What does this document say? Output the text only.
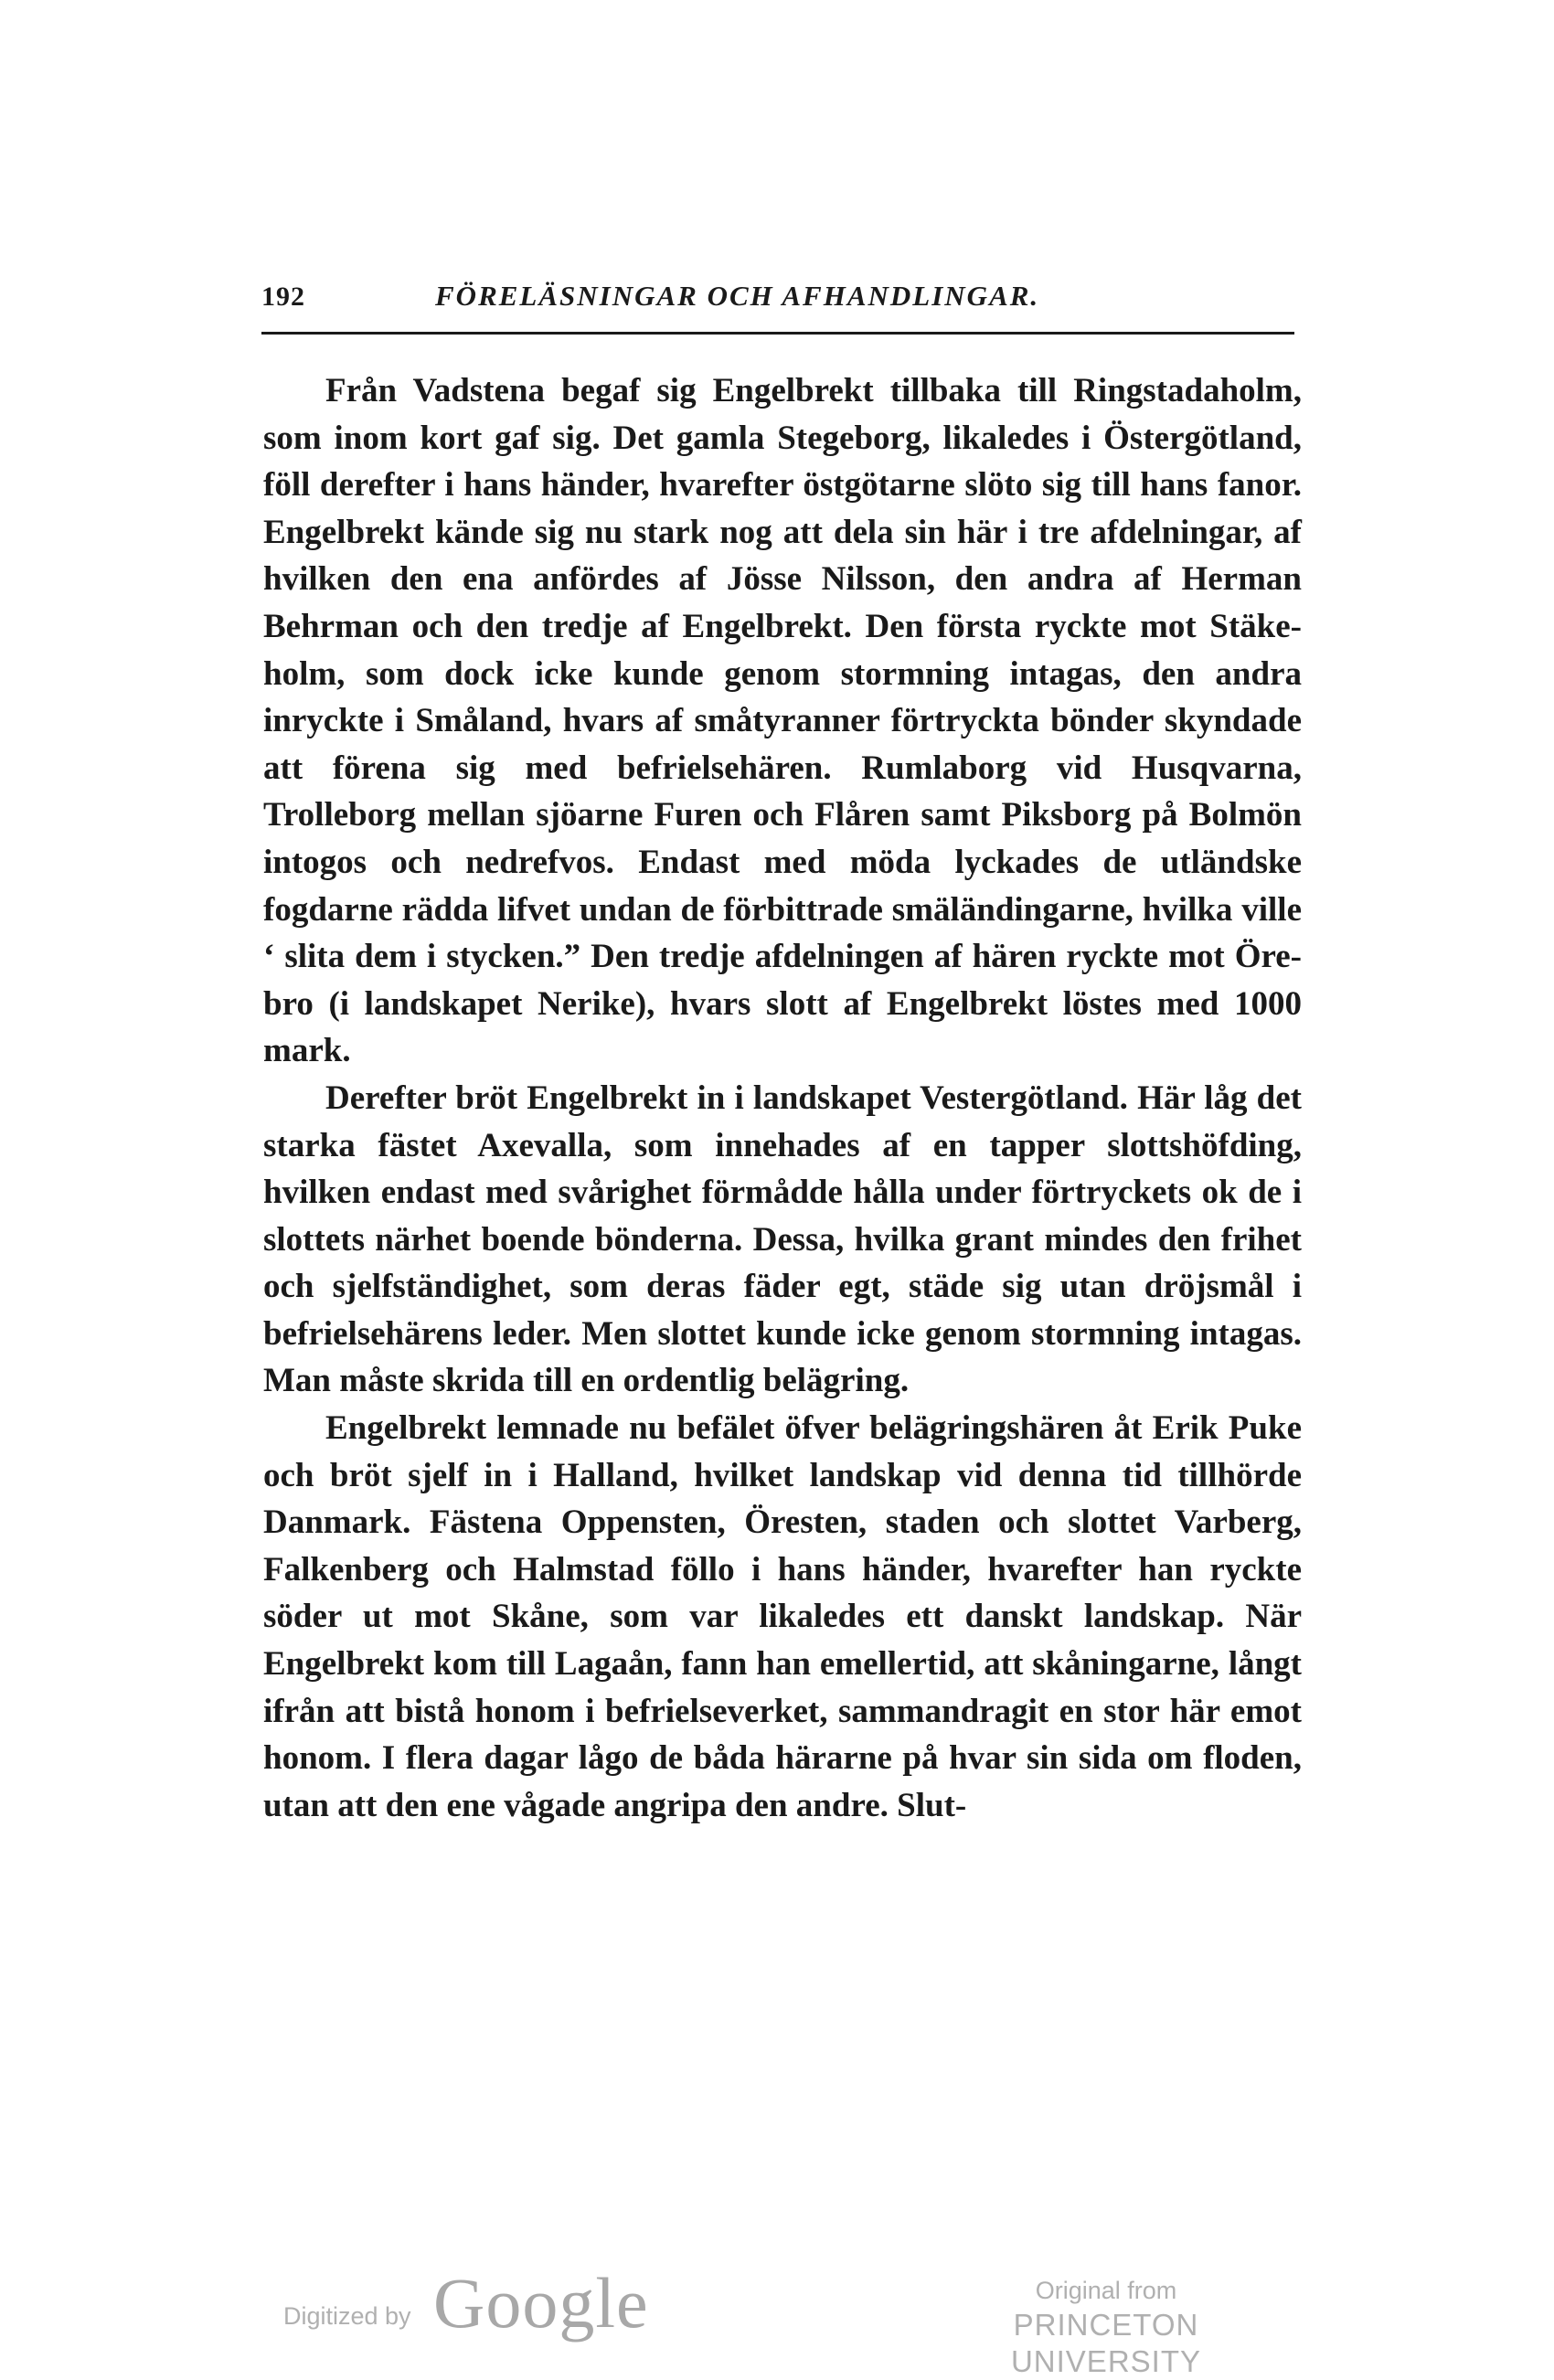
192	FÖRELÄSNINGAR OCH AFHANDLINGAR.

Från Vadstena begaf sig Engelbrekt tillbaka till Ringstadaholm, som inom kort gaf sig. Det gamla Stegeborg, likaledes i Östergötland, föll derefter i hans händer, hvarefter östgötarne slöto sig till hans fanor. Engelbrekt kände sig nu stark nog att dela sin här i tre afdelningar, af hvilken den ena anfördes af Jösse Nilsson, den andra af Herman Behrman och den tredje af Engelbrekt. Den första ryckte mot Stäkeholm, som dock icke kunde genom stormning intagas, den andra inryckte i Småland, hvars af småtyranner förtryckta bönder skyndade att förena sig med befrielsehären. Rumlaborg vid Husqvarna, Trolleborg mellan sjöarne Furen och Flåren samt Piksborg på Bolmön intogos och nedrefvos. Endast med möda lyckades de utländske fogdarne rädda lifvet undan de förbittrade smäländingarne, hvilka ville ‘ slita dem i stycken.” Den tredje afdelningen af hären ryckte mot Örebro (i landskapet Nerike), hvars slott af Engelbrekt löstes med 1000 mark.

Derefter bröt Engelbrekt in i landskapet Vestergötland. Här låg det starka fästet Axevalla, som innehades af en tapper slottshöfding, hvilken endast med svårighet förmådde hålla under förtryckets ok de i slottets närhet boende bönderna. Dessa, hvilka grant mindes den frihet och sjelfständighet, som deras fäder egt, städe sig utan dröjsmål i befrielsehärens leder. Men slottet kunde icke genom stormning intagas. Man måste skrida till en ordentlig belägring.

Engelbrekt lemnade nu befälet öfver belägringshären åt Erik Puke och bröt sjelf in i Halland, hvilket landskap vid denna tid tillhörde Danmark. Fästena Oppensten, Öresten, staden och slottet Varberg, Falkenberg och Halmstad föllo i hans händer, hvarefter han ryckte söder ut mot Skåne, som var likaledes ett danskt landskap. När Engelbrekt kom till Lagaån, fann han emellertid, att skåningarne, långt ifrån att bistå honom i befrielseverket, sammandragit en stor här emot honom. I flera dagar lågo de båda härarne på hvar sin sida om floden, utan att den ene vågade angripa den andre. Slut-

Digitized by Google	Original from
PRINCETON UNIVERSITY
